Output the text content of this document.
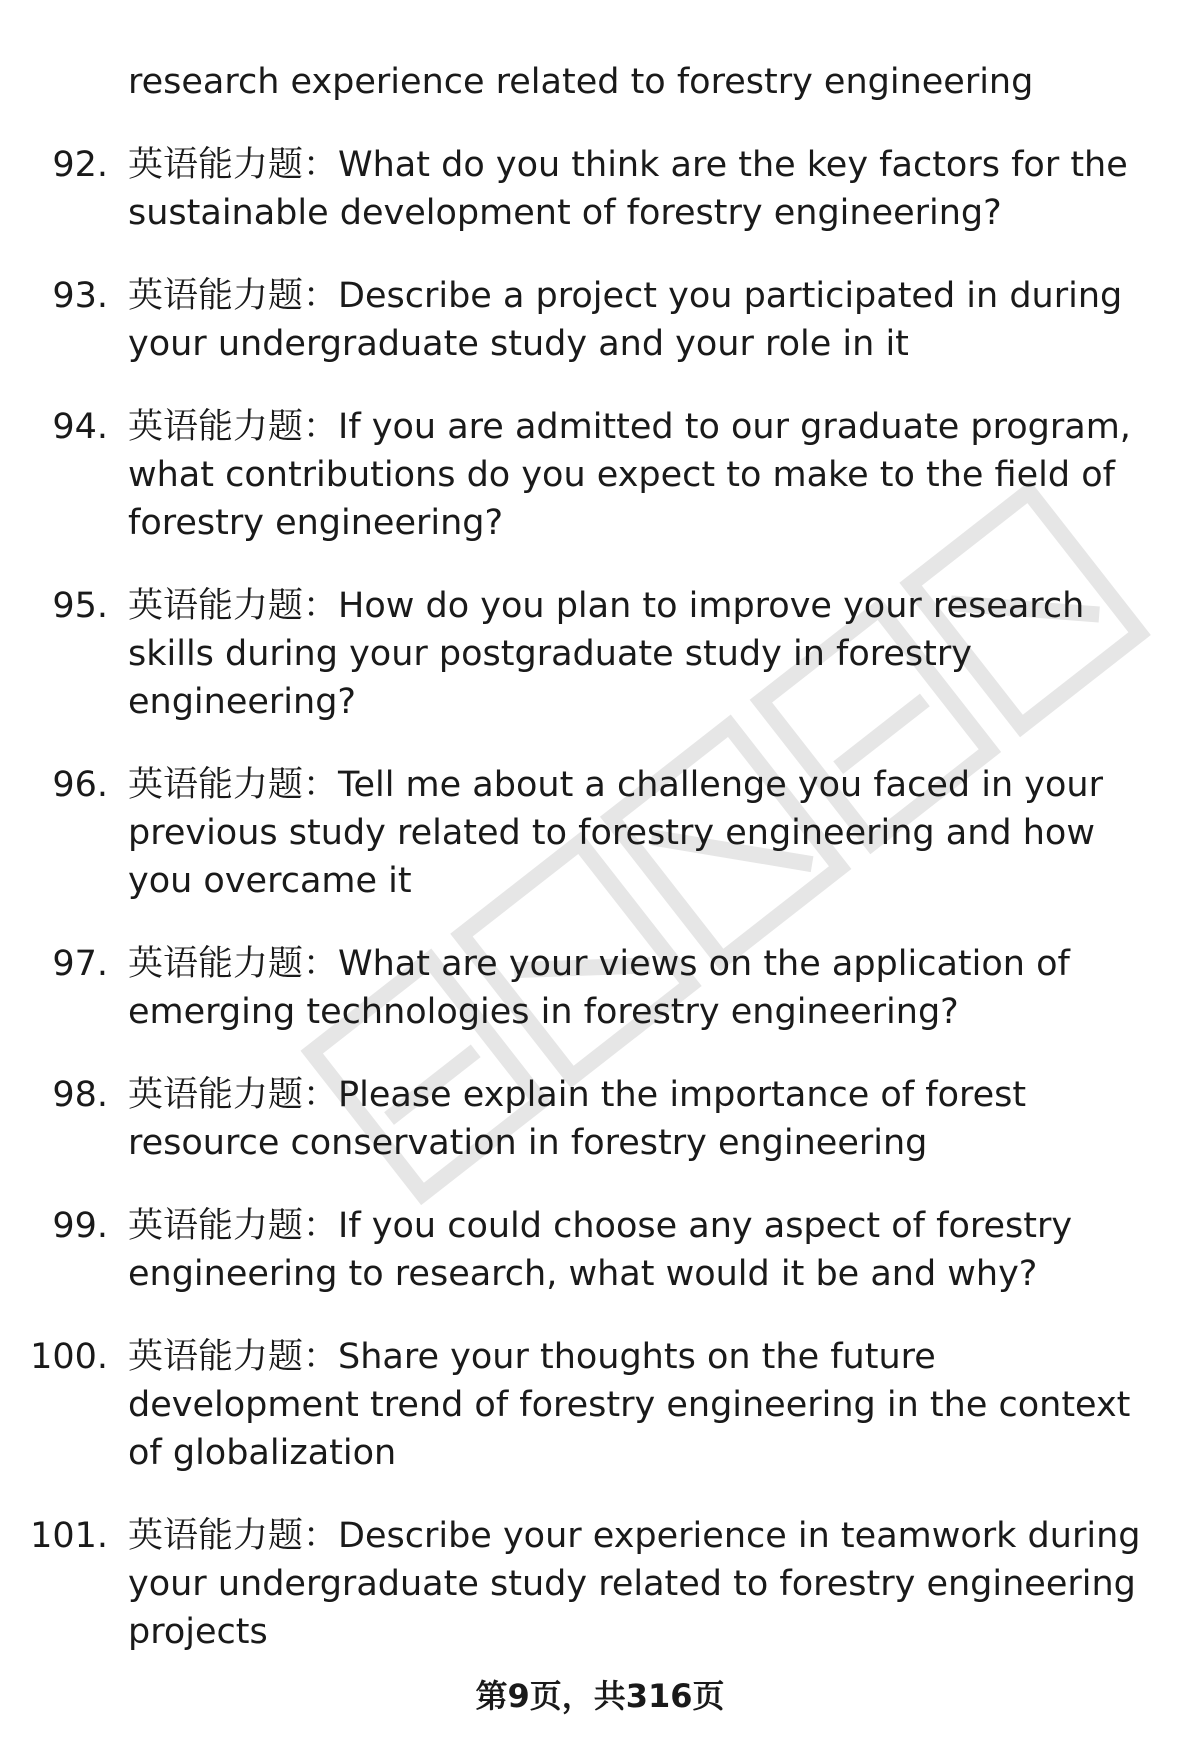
research experience related to forestry engineering

92. 英语能力题：What do you think are the key factors for the sustainable development of forestry engineering?
93. 英语能力题：Describe a project you participated in during your undergraduate study and your role in it
94. 英语能力题：If you are admitted to our graduate program, what contributions do you expect to make to the field of forestry engineering?
95. 英语能力题：How do you plan to improve your research skills during your postgraduate study in forestry engineering?
96. 英语能力题：Tell me about a challenge you faced in your previous study related to forestry engineering and how you overcame it
97. 英语能力题：What are your views on the application of emerging technologies in forestry engineering?
98. 英语能力题：Please explain the importance of forest resource conservation in forestry engineering
99. 英语能力题：If you could choose any aspect of forestry engineering to research, what would it be and why?
100. 英语能力题：Share your thoughts on the future development trend of forestry engineering in the context of globalization
101. 英语能力题：Describe your experience in teamwork during your undergraduate study related to forestry engineering projects
第9页，共316页
